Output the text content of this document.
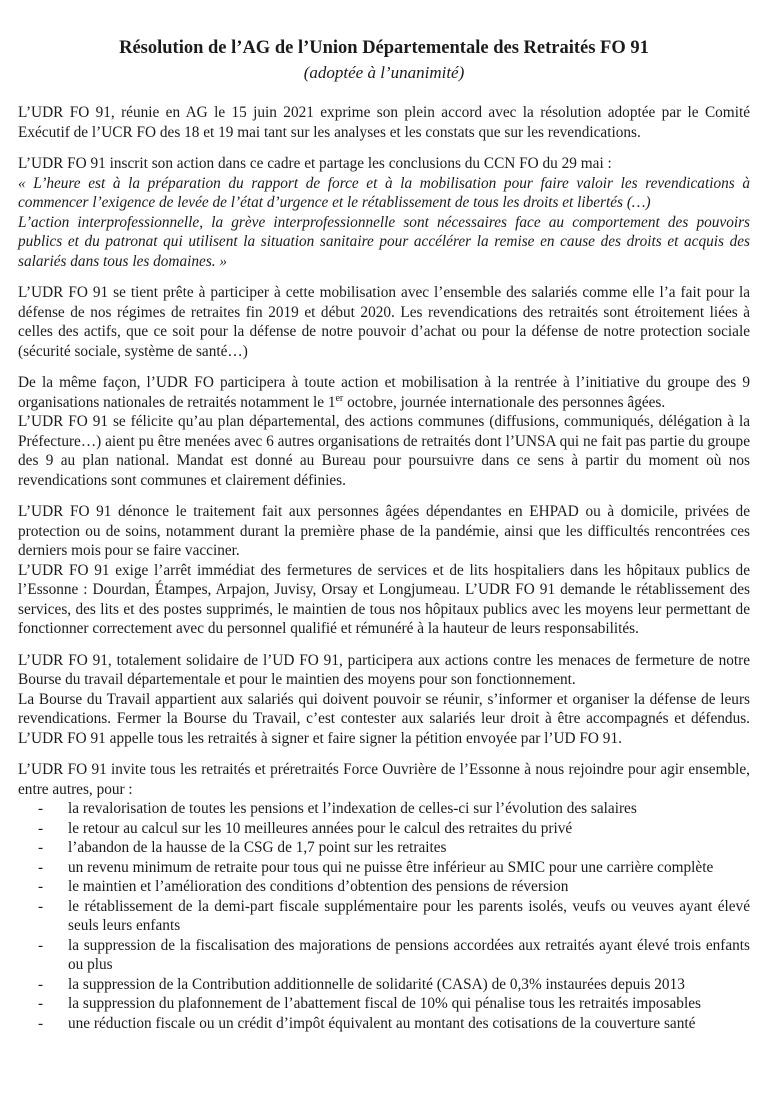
Résolution de l’AG de l’Union Départementale des Retraités FO 91
(adoptée à l’unanimité)

L’UDR FO 91, réunie en AG le 15 juin 2021 exprime son plein accord avec la résolution adoptée par le Comité Exécutif de l’UCR FO des 18 et 19 mai tant sur les analyses et les constats que sur les revendications.

L’UDR FO 91 inscrit son action dans ce cadre et partage les conclusions du CCN FO du 29 mai :

« L’heure est à la préparation du rapport de force et à la mobilisation pour faire valoir les revendications à commencer l’exigence de levée de l’état d’urgence et le rétablissement de tous les droits et libertés (…)

L’action interprofessionnelle, la grève interprofessionnelle sont nécessaires face au comportement des pouvoirs publics et du patronat qui utilisent la situation sanitaire pour accélérer la remise en cause des droits et acquis des salariés dans tous les domaines. »

L’UDR FO 91 se tient prête à participer à cette mobilisation avec l’ensemble des salariés comme elle l’a fait pour la défense de nos régimes de retraites fin 2019 et début 2020. Les revendications des retraités sont étroitement liées à celles des actifs, que ce soit pour la défense de notre pouvoir d’achat ou pour la défense de notre protection sociale (sécurité sociale, système de santé…)

De la même façon, l’UDR FO participera à toute action et mobilisation à la rentrée à l’initiative du groupe des 9 organisations nationales de retraités notamment le 1er octobre, journée internationale des personnes âgées.

L’UDR FO 91 se félicite qu’au plan départemental, des actions communes (diffusions, communiqués, délégation à la Préfecture…) aient pu être menées avec 6 autres organisations de retraités dont l’UNSA qui ne fait pas partie du groupe des 9 au plan national. Mandat est donné au Bureau pour poursuivre dans ce sens à partir du moment où nos revendications sont communes et clairement définies.

L’UDR FO 91 dénonce le traitement fait aux personnes âgées dépendantes en EHPAD ou à domicile, privées de protection ou de soins, notamment durant la première phase de la pandémie, ainsi que les difficultés rencontrées ces derniers mois pour se faire vacciner.

L’UDR FO 91 exige l’arrêt immédiat des fermetures de services et de lits hospitaliers dans les hôpitaux publics de l’Essonne : Dourdan, Étampes, Arpajon, Juvisy, Orsay et Longjumeau. L’UDR FO 91 demande le rétablissement des services, des lits et des postes supprimés, le maintien de tous nos hôpitaux publics avec les moyens leur permettant de fonctionner correctement avec du personnel qualifié et rémunéré à la hauteur de leurs responsabilités.

L’UDR FO 91, totalement solidaire de l’UD FO 91, participera aux actions contre les menaces de fermeture de notre Bourse du travail départementale et pour le maintien des moyens pour son fonctionnement.

La Bourse du Travail appartient aux salariés qui doivent pouvoir se réunir, s’informer et organiser la défense de leurs revendications. Fermer la Bourse du Travail, c’est contester aux salariés leur droit à être accompagnés et défendus. L’UDR FO 91 appelle tous les retraités à signer et faire signer la pétition envoyée par l’UD FO 91.

L’UDR FO 91 invite tous les retraités et préretraités Force Ouvrière de l’Essonne à nous rejoindre pour agir ensemble, entre autres, pour :

-	la revalorisation de toutes les pensions et l’indexation de celles-ci sur l’évolution des salaires
-	le retour au calcul sur les 10 meilleures années pour le calcul des retraites du privé
-	l’abandon de la hausse de la CSG de 1,7 point sur les retraites
-	un revenu minimum de retraite pour tous qui ne puisse être inférieur au SMIC pour une carrière complète
-	le maintien et l’amélioration des conditions d’obtention des pensions de réversion
-	le rétablissement de la demi-part fiscale supplémentaire pour les parents isolés, veufs ou veuves ayant élevé seuls leurs enfants
-	la suppression de la fiscalisation des majorations de pensions accordées aux retraités ayant élevé trois enfants ou plus
-	la suppression de la Contribution additionnelle de solidarité (CASA) de 0,3% instaurées depuis 2013
-	la suppression du plafonnement de l’abattement fiscal de 10% qui pénalise tous les retraités imposables
-	une réduction fiscale ou un crédit d’impôt équivalent au montant des cotisations de la couverture santé
